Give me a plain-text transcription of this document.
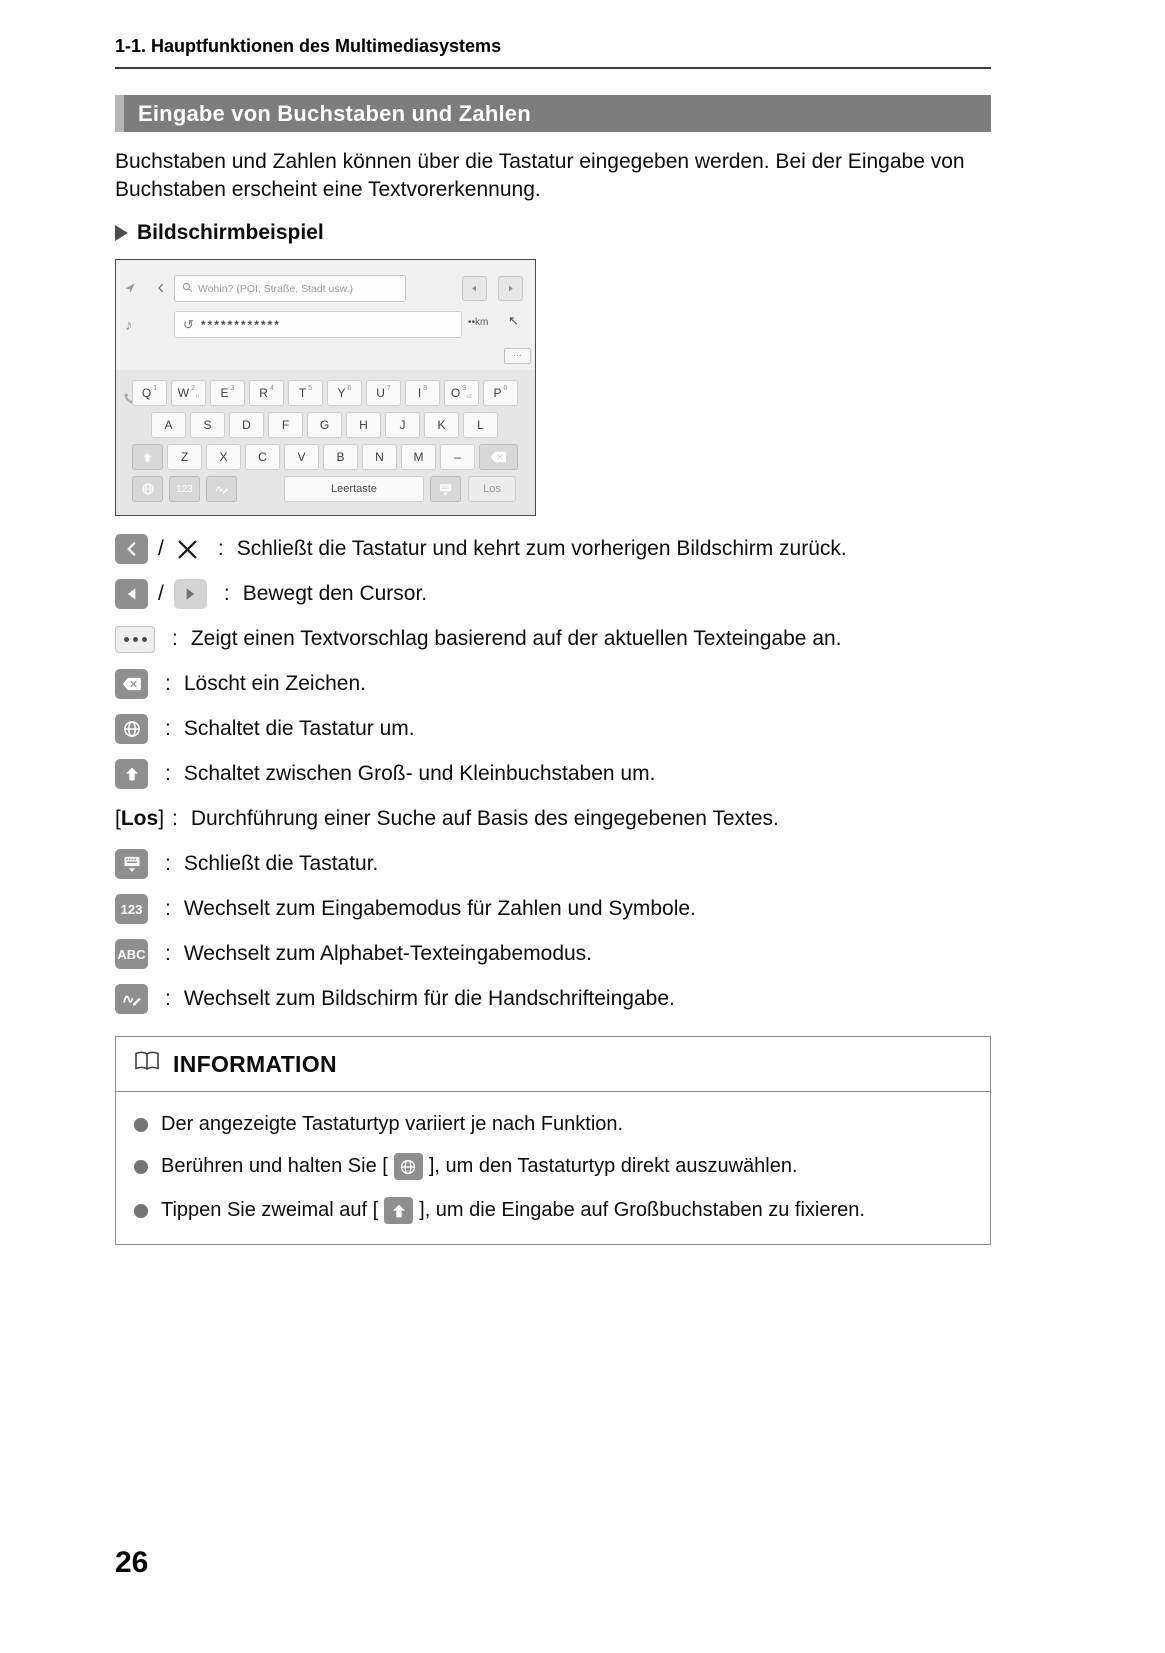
1-1. Hauptfunktionen des Multimediasystems
Eingabe von Buchstaben und Zahlen

Buchstaben und Zahlen können über die Tastatur eingegeben werden. Bei der Eingabe von Buchstaben erscheint eine Textvorerkennung.

Bildschirmbeispiel
♪
Wohin? (POI, Straße, Stadt usw.)
↺ ************	••km ↖
...
Q 1 W 2
n E 3 R 4 T 5 Y 6 U 7 I 8 O 9
cr P 0
A	S	D	F	G H	J	K	L
Z	X	C	V	B	N M	–
123	Leertaste	Los
/	: Schließt die Tastatur und kehrt zum vorherigen Bildschirm zurück.
/	: Bewegt den Cursor.
: Zeigt einen Textvorschlag basierend auf der aktuellen Texteingabe an.
: Löscht ein Zeichen.
: Schaltet die Tastatur um.
: Schaltet zwischen Groß- und Kleinbuchstaben um.
[Los] : Durchführung einer Suche auf Basis des eingegebenen Textes.
: Schließt die Tastatur.
123 : Wechselt zum Eingabemodus für Zahlen und Symbole.
ABC : Wechselt zum Alphabet-Texteingabemodus.
: Wechselt zum Bildschirm für die Handschrifteingabe.
INFORMATION
Der angezeigte Tastaturtyp variiert je nach Funktion.
Berühren und halten Sie [ ], um den Tastaturtyp direkt auszuwählen.
Tippen Sie zweimal auf [ ], um die Eingabe auf Großbuchstaben zu fixieren.
26
